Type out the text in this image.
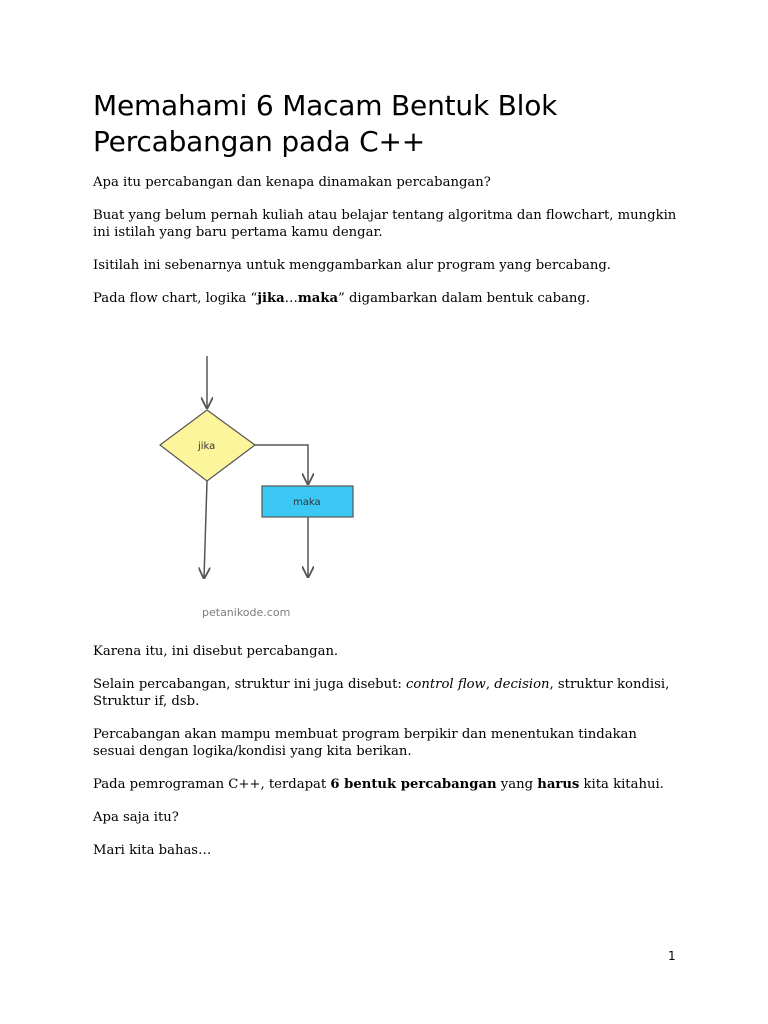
Memahami 6 Macam Bentuk Blok Percabangan pada C++

Apa itu percabangan dan kenapa dinamakan percabangan?

Buat yang belum pernah kuliah atau belajar tentang algoritma dan flowchart, mungkin ini istilah yang baru pertama kamu dengar.

Isitilah ini sebenarnya untuk menggambarkan alur program yang bercabang.

Pada flow chart, logika “jika…maka” digambarkan dalam bentuk cabang.

jika
maka
petanikode.com

Karena itu, ini disebut percabangan.

Selain percabangan, struktur ini juga disebut: control flow, decision, struktur kondisi, Struktur if, dsb.

Percabangan akan mampu membuat program berpikir dan menentukan tindakan sesuai dengan logika/kondisi yang kita berikan.

Pada pemrograman C++, terdapat 6 bentuk percabangan yang harus kita kitahui.

Apa saja itu?

Mari kita bahas…

1
